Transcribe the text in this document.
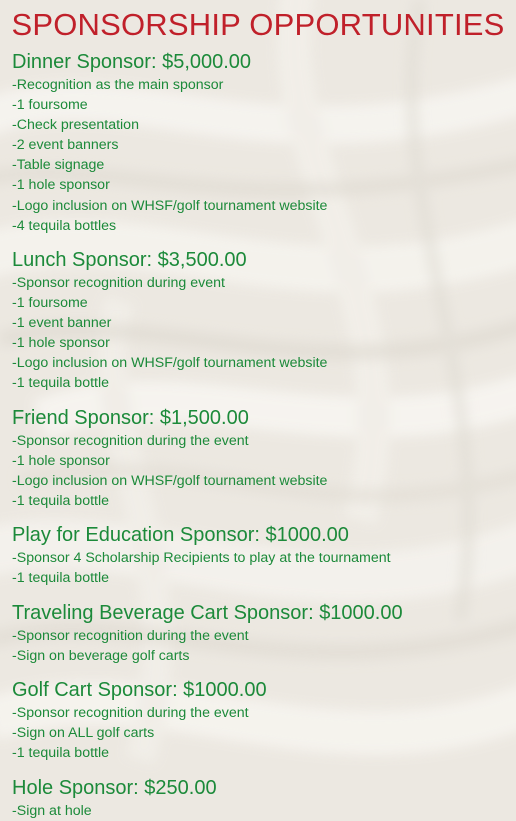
SPONSORSHIP OPPORTUNITIES
Dinner Sponsor: $5,000.00
-Recognition as the main sponsor
-1 foursome
-Check presentation
-2 event banners
-Table signage
-1 hole sponsor
-Logo inclusion on WHSF/golf tournament website
-4 tequila bottles
Lunch Sponsor: $3,500.00
-Sponsor recognition during event
-1 foursome
-1 event banner
-1 hole sponsor
-Logo inclusion on WHSF/golf tournament website
-1 tequila bottle
Friend Sponsor: $1,500.00
-Sponsor recognition during the event
-1 hole sponsor
-Logo inclusion on WHSF/golf tournament website
-1 tequila bottle
Play for Education Sponsor: $1000.00
-Sponsor 4 Scholarship Recipients to play at the tournament
-1 tequila bottle
Traveling Beverage Cart Sponsor: $1000.00
-Sponsor recognition during the event
-Sign on beverage golf carts
Golf Cart Sponsor: $1000.00
-Sponsor recognition during the event
-Sign on ALL golf carts
-1 tequila bottle
Hole Sponsor: $250.00
-Sign at hole
